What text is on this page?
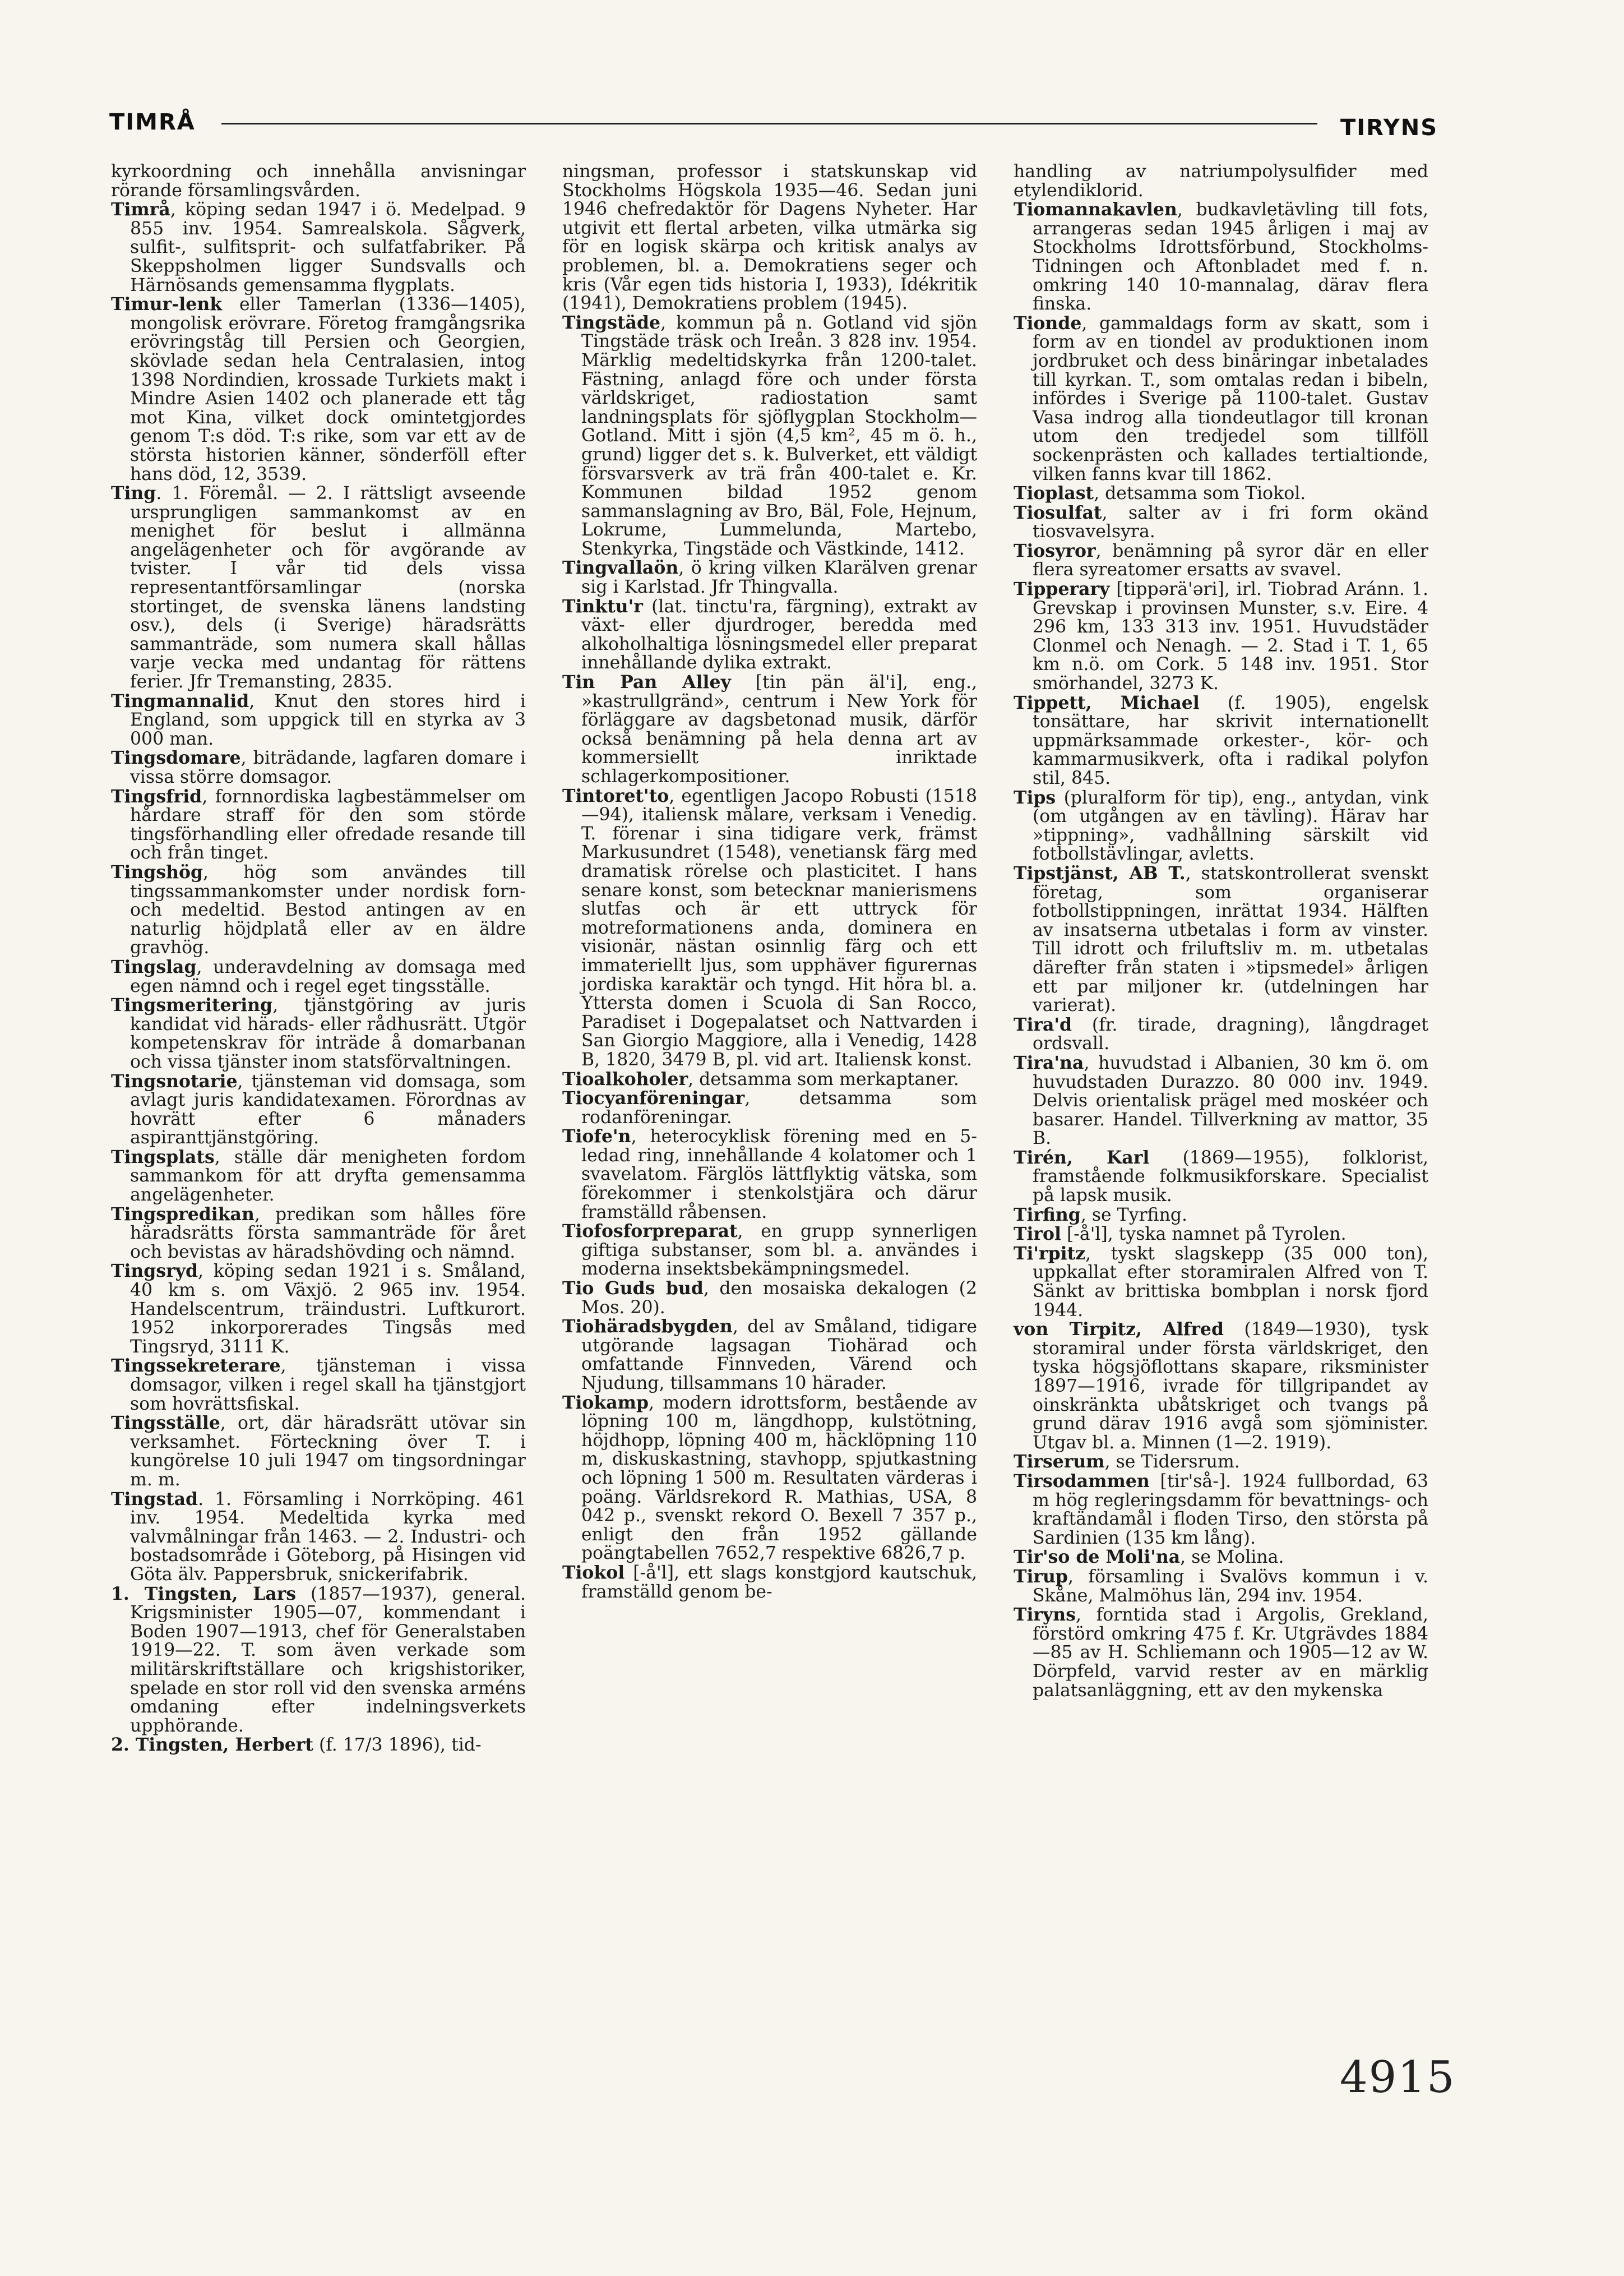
TIMRÅ	TIRYNS

kyrkoordning och innehålla anvisningar rörande församlingsvården.

Timrå, köping sedan 1947 i ö. Medelpad. 9 855 inv. 1954. Samrealskola. Sågverk, sulfit-, sulfitsprit- och sulfatfabriker. På Skeppsholmen ligger Sundsvalls och Härnösands gemensamma flygplats.

Timur-lenk eller Tamerlan (1336—1405), mongolisk erövrare. Företog framgångsrika erövringståg till Persien och Georgien, skövlade sedan hela Centralasien, intog 1398 Nordindien, krossade Turkiets makt i Mindre Asien 1402 och planerade ett tåg mot Kina, vilket dock omintetgjordes genom T:s död. T:s rike, som var ett av de största historien känner, sönderföll efter hans död, 12, 3539.

Ting. 1. Föremål. — 2. I rättsligt avseende ursprungligen sammankomst av en menighet för beslut i allmänna angelägenheter och för avgörande av tvister. I vår tid dels vissa representantförsamlingar (norska stortinget, de svenska länens landsting osv.), dels (i Sverige) häradsrätts sammanträde, som numera skall hållas varje vecka med undantag för rättens ferier. Jfr Tremansting, 2835.

Tingmannalid, Knut den stores hird i England, som uppgick till en styrka av 3 000 man.

Tingsdomare, biträdande, lagfaren domare i vissa större domsagor.

Tingsfrid, fornnordiska lagbestämmelser om hårdare straff för den som störde tingsförhandling eller ofredade resande till och från tinget.

Tingshög, hög som användes till tingssammankomster under nordisk forn- och medeltid. Bestod antingen av en naturlig höjdplatå eller av en äldre gravhög.

Tingslag, underavdelning av domsaga med egen nämnd och i regel eget tingsställe.

Tingsmeritering, tjänstgöring av juris kandidat vid härads- eller rådhusrätt. Utgör kompetenskrav för inträde å domarbanan och vissa tjänster inom statsförvaltningen.

Tingsnotarie, tjänsteman vid domsaga, som avlagt juris kandidatexamen. Förordnas av hovrätt efter 6 månaders aspiranttjänstgöring.

Tingsplats, ställe där menigheten fordom sammankom för att dryfta gemensamma angelägenheter.

Tingspredikan, predikan som hålles före häradsrätts första sammanträde för året och bevistas av häradshövding och nämnd.

Tingsryd, köping sedan 1921 i s. Småland, 40 km s. om Växjö. 2 965 inv. 1954. Handelscentrum, träindustri. Luftkurort. 1952 inkorporerades Tingsås med Tingsryd, 3111 K.

Tingssekreterare, tjänsteman i vissa domsagor, vilken i regel skall ha tjänstgjort som hovrättsfiskal.

Tingsställe, ort, där häradsrätt utövar sin verksamhet. Förteckning över T. i kungörelse 10 juli 1947 om tingsordningar m. m.

Tingstad. 1. Församling i Norrköping. 461 inv. 1954. Medeltida kyrka med valvmålningar från 1463. — 2. Industri- och bostadsområde i Göteborg, på Hisingen vid Göta älv. Pappersbruk, snickerifabrik.

1. Tingsten, Lars (1857—1937), general. Krigsminister 1905—07, kommendant i Boden 1907—1913, chef för Generalstaben 1919—22. T. som även verkade som militärskriftställare och krigshistoriker, spelade en stor roll vid den svenska arméns omdaning efter indelningsverkets upphörande.

2. Tingsten, Herbert (f. 17/3 1896), tid-

ningsman, professor i statskunskap vid Stockholms Högskola 1935—46. Sedan juni 1946 chefredaktör för Dagens Nyheter. Har utgivit ett flertal arbeten, vilka utmärka sig för en logisk skärpa och kritisk analys av problemen, bl. a. Demokratiens seger och kris (Vår egen tids historia I, 1933), Idékritik (1941), Demokratiens problem (1945).

Tingstäde, kommun på n. Gotland vid sjön Tingstäde träsk och Ireån. 3 828 inv. 1954. Märklig medeltidskyrka från 1200-talet. Fästning, anlagd före och under första världskriget, radiostation samt landningsplats för sjöflygplan Stockholm—Gotland. Mitt i sjön (4,5 km², 45 m ö. h., grund) ligger det s. k. Bulverket, ett väldigt försvarsverk av trä från 400-talet e. Kr. Kommunen bildad 1952 genom sammanslagning av Bro, Bäl, Fole, Hejnum, Lokrume, Lummelunda, Martebo, Stenkyrka, Tingstäde och Västkinde, 1412.

Tingvallaön, ö kring vilken Klarälven grenar sig i Karlstad. Jfr Thingvalla.

Tinktu'r (lat. tinctu'ra, färgning), extrakt av växt- eller djurdroger, beredda med alkoholhaltiga lösningsmedel eller preparat innehållande dylika extrakt.

Tin Pan Alley [tin pän äl'i], eng., »kastrullgränd», centrum i New York för förläggare av dagsbetonad musik, därför också benämning på hela denna art av kommersiellt inriktade schlagerkompositioner.

Tintoret'to, egentligen Jacopo Robusti (1518—94), italiensk målare, verksam i Venedig. T. förenar i sina tidigare verk, främst Markusundret (1548), venetiansk färg med dramatisk rörelse och plasticitet. I hans senare konst, som betecknar manierismens slutfas och är ett uttryck för motreformationens anda, dominera en visionär, nästan osinnlig färg och ett immateriellt ljus, som upphäver figurernas jordiska karaktär och tyngd. Hit höra bl. a. Yttersta domen i Scuola di San Rocco, Paradiset i Dogepalatset och Nattvarden i San Giorgio Maggiore, alla i Venedig, 1428 B, 1820, 3479 B, pl. vid art. Italiensk konst.

Tioalkoholer, detsamma som merkaptaner.

Tiocyanföreningar, detsamma som rodanföreningar.

Tiofe'n, heterocyklisk förening med en 5-ledad ring, innehållande 4 kolatomer och 1 svavelatom. Färglös lättflyktig vätska, som förekommer i stenkolstjära och därur framställd råbensen.

Tiofosforpreparat, en grupp synnerligen giftiga substanser, som bl. a. användes i moderna insektsbekämpningsmedel.

Tio Guds bud, den mosaiska dekalogen (2 Mos. 20).

Tiohäradsbygden, del av Småland, tidigare utgörande lagsagan Tiohärad och omfattande Finnveden, Värend och Njudung, tillsammans 10 härader.

Tiokamp, modern idrottsform, bestående av löpning 100 m, längdhopp, kulstötning, höjdhopp, löpning 400 m, häcklöpning 110 m, diskuskastning, stavhopp, spjutkastning och löpning 1 500 m. Resultaten värderas i poäng. Världsrekord R. Mathias, USA, 8 042 p., svenskt rekord O. Bexell 7 357 p., enligt den från 1952 gällande poängtabellen 7652,7 respektive 6826,7 p.

Tiokol [-å'l], ett slags konstgjord kautschuk, framställd genom be-

handling av natriumpolysulfider med etylendiklorid.

Tiomannakavlen, budkavletävling till fots, arrangeras sedan 1945 årligen i maj av Stockholms Idrottsförbund, Stockholms-Tidningen och Aftonbladet med f. n. omkring 140 10-mannalag, därav flera finska.

Tionde, gammaldags form av skatt, som i form av en tiondel av produktionen inom jordbruket och dess binäringar inbetalades till kyrkan. T., som omtalas redan i bibeln, infördes i Sverige på 1100-talet. Gustav Vasa indrog alla tiondeutlagor till kronan utom den tredjedel som tillföll sockenprästen och kallades tertialtionde, vilken fanns kvar till 1862.

Tioplast, detsamma som Tiokol.

Tiosulfat, salter av i fri form okänd tiosvavelsyra.

Tiosyror, benämning på syror där en eller flera syreatomer ersatts av svavel.

Tipperary [tippərä'əri], irl. Tiobrad Aránn. 1. Grevskap i provinsen Munster, s.v. Eire. 4 296 km, 133 313 inv. 1951. Huvudstäder Clonmel och Nenagh. — 2. Stad i T. 1, 65 km n.ö. om Cork. 5 148 inv. 1951. Stor smörhandel, 3273 K.

Tippett, Michael (f. 1905), engelsk tonsättare, har skrivit internationellt uppmärksammade orkester-, kör- och kammarmusikverk, ofta i radikal polyfon stil, 845.

Tips (pluralform för tip), eng., antydan, vink (om utgången av en tävling). Härav har »tippning», vadhållning särskilt vid fotbollstävlingar, avletts.

Tipstjänst, AB T., statskontrollerat svenskt företag, som organiserar fotbollstippningen, inrättat 1934. Hälften av insatserna utbetalas i form av vinster. Till idrott och friluftsliv m. m. utbetalas därefter från staten i »tipsmedel» årligen ett par miljoner kr. (utdelningen har varierat).

Tira'd (fr. tirade, dragning), långdraget ordsvall.

Tira'na, huvudstad i Albanien, 30 km ö. om huvudstaden Durazzo. 80 000 inv. 1949. Delvis orientalisk prägel med moskéer och basarer. Handel. Tillverkning av mattor, 35 B.

Tirén, Karl (1869—1955), folklorist, framstående folkmusikforskare. Specialist på lapsk musik.

Tirfing, se Tyrfing.

Tirol [-å'l], tyska namnet på Tyrolen.

Ti'rpitz, tyskt slagskepp (35 000 ton), uppkallat efter storamiralen Alfred von T. Sänkt av brittiska bombplan i norsk fjord 1944.

von Tirpitz, Alfred (1849—1930), tysk storamiral under första världskriget, den tyska högsjöflottans skapare, riksminister 1897—1916, ivrade för tillgripandet av oinskränkta ubåtskriget och tvangs på grund därav 1916 avgå som sjöminister. Utgav bl. a. Minnen (1—2. 1919).

Tirserum, se Tidersrum.

Tirsodammen [tir'så-]. 1924 fullbordad, 63 m hög regleringsdamm för bevattnings- och kraftändamål i floden Tirso, den största på Sardinien (135 km lång).

Tir'so de Moli'na, se Molina.

Tirup, församling i Svalövs kommun i v. Skåne, Malmöhus län, 294 inv. 1954.

Tiryns, forntida stad i Argolis, Grekland, förstörd omkring 475 f. Kr. Utgrävdes 1884—85 av H. Schliemann och 1905—12 av W. Dörpfeld, varvid rester av en märklig palatsanläggning, ett av den mykenska

4915
